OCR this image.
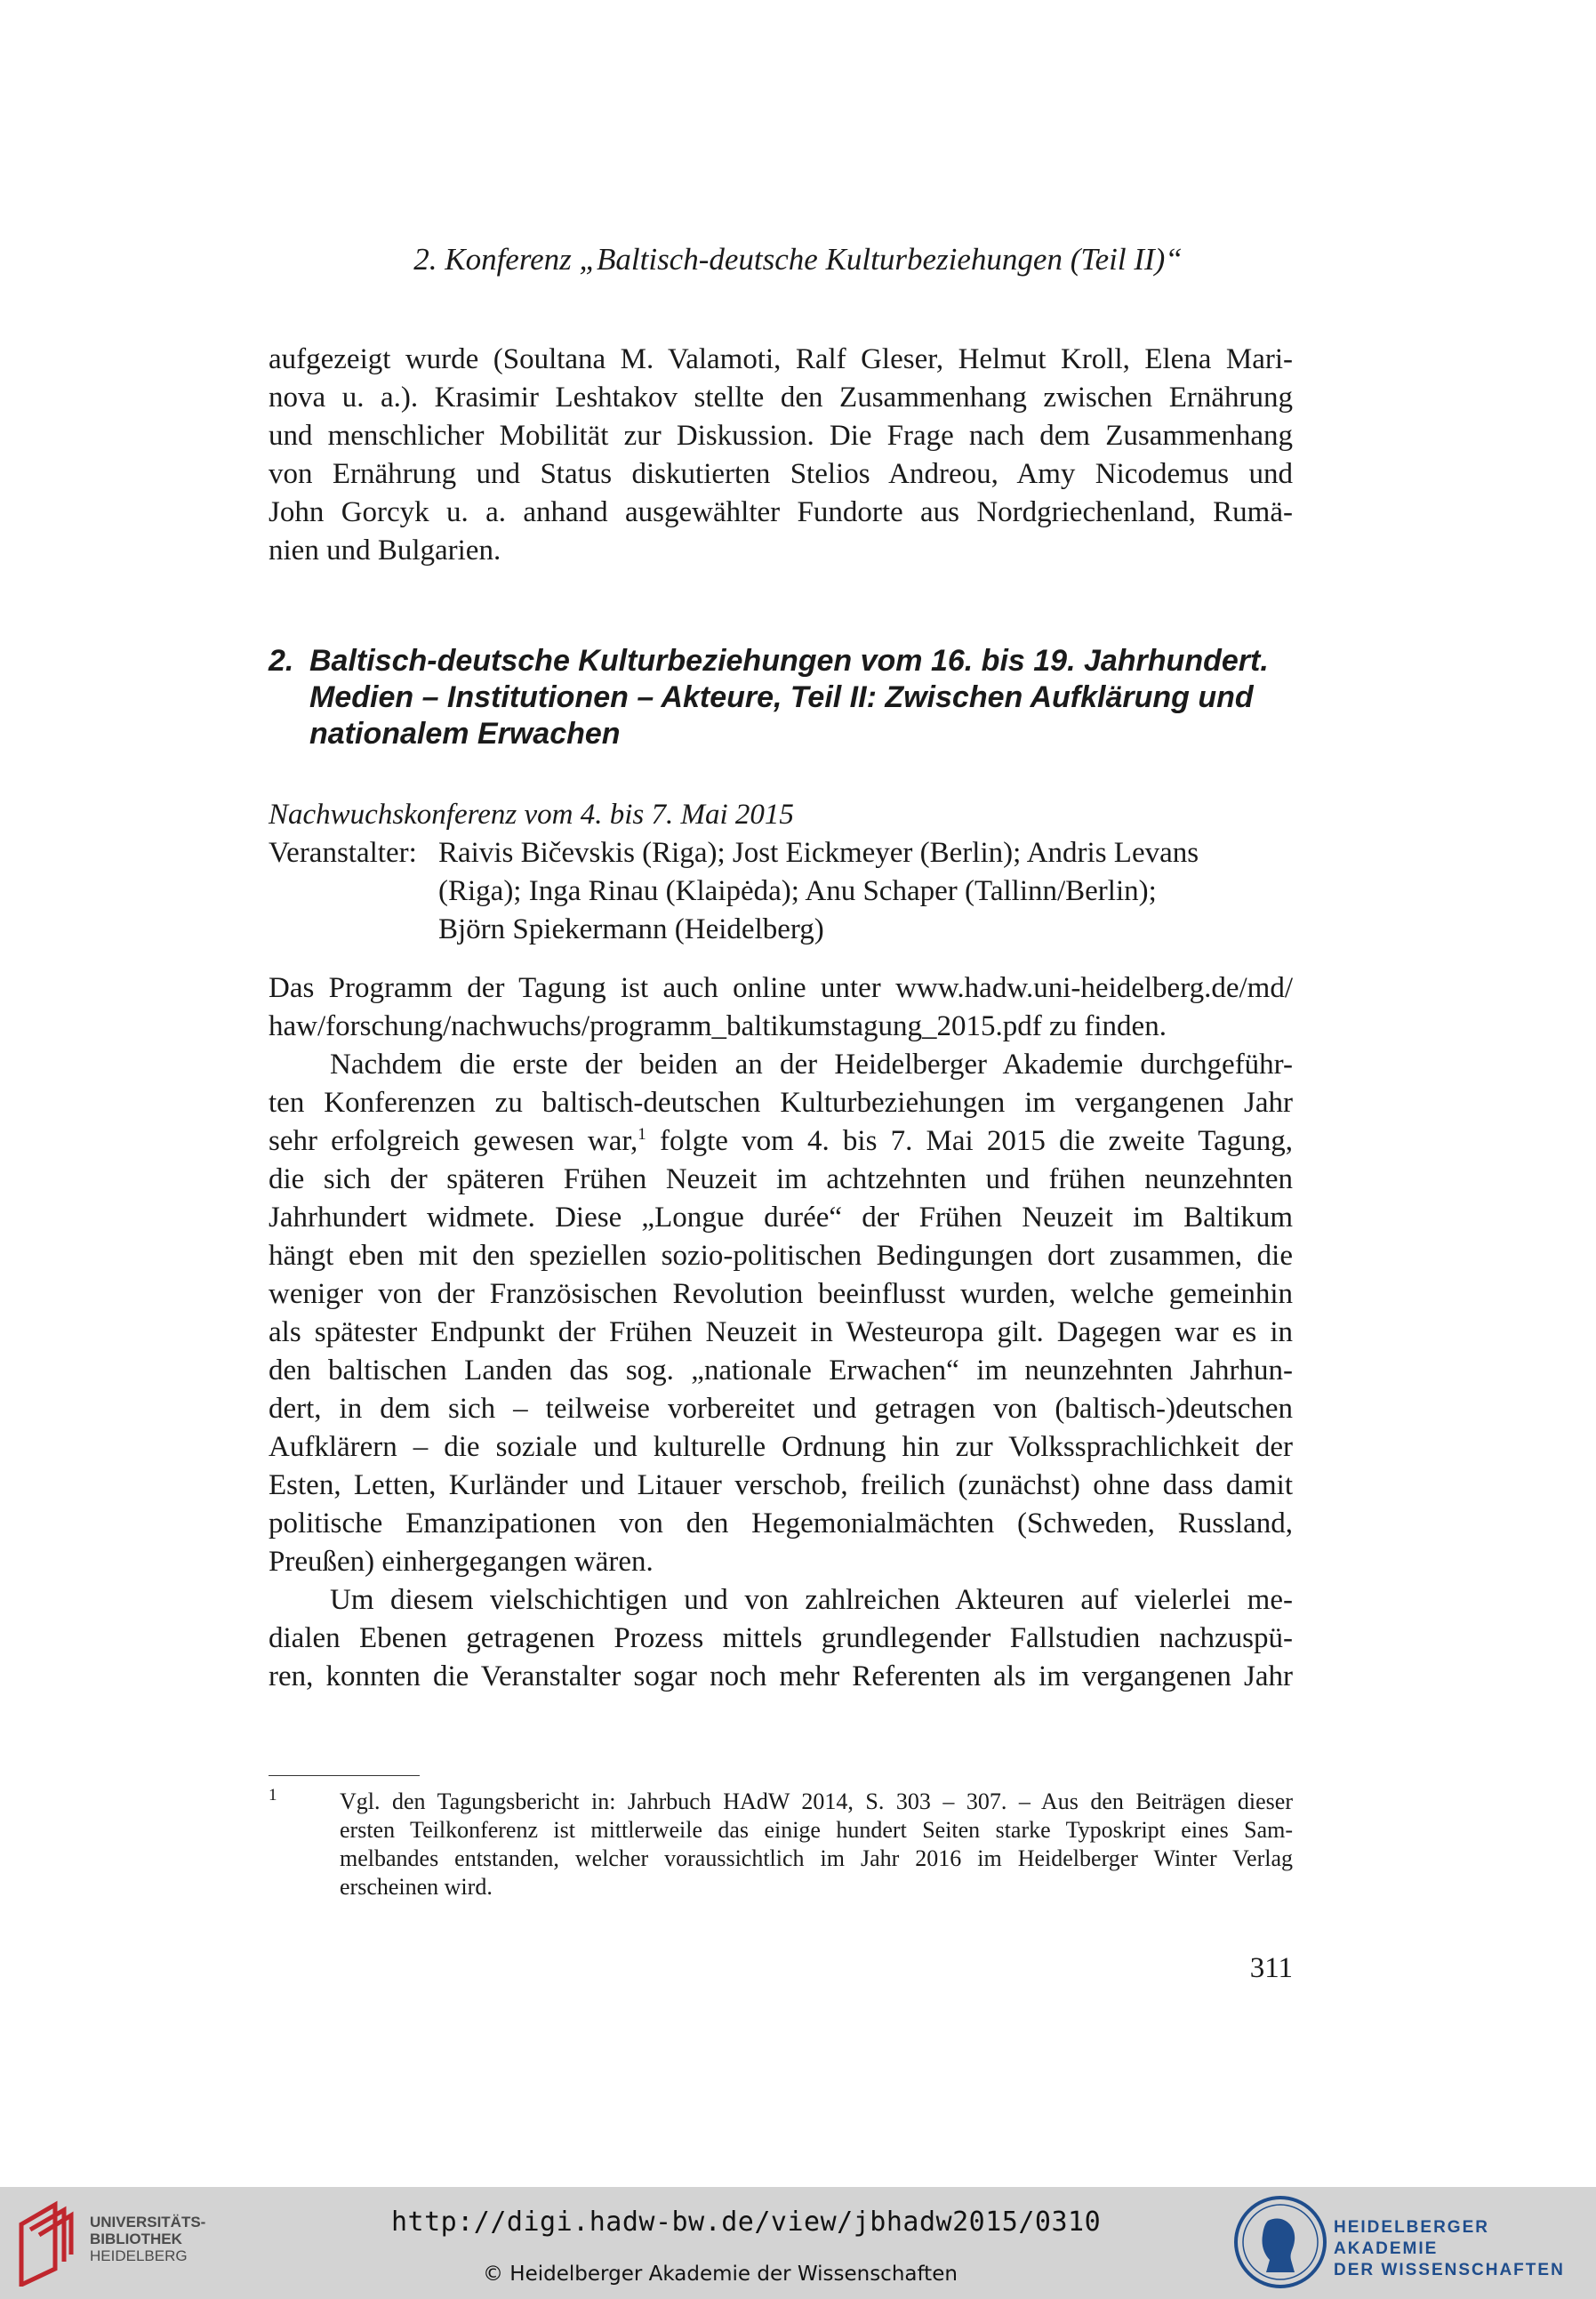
2. Konferenz „Baltisch-deutsche Kulturbeziehungen (Teil II)“
aufgezeigt wurde (Soultana M. Valamoti, Ralf Gleser, Helmut Kroll, Elena Mari-
nova u. a.). Krasimir Leshtakov stellte den Zusammenhang zwischen Ernährung
und menschlicher Mobilität zur Diskussion. Die Frage nach dem Zusammenhang
von Ernährung und Status diskutierten Stelios Andreou, Amy Nicodemus und
John Gorcyk u. a. anhand ausgewählter Fundorte aus Nordgriechenland, Rumä-
nien und Bulgarien.
2. Baltisch-deutsche Kulturbeziehungen vom 16. bis 19. Jahrhundert.
Medien – Institutionen – Akteure, Teil II: Zwischen Aufklärung und
nationalem Erwachen
Nachwuchskonferenz vom 4. bis 7. Mai 2015
Veranstalter: Raivis Bičevskis (Riga); Jost Eickmeyer (Berlin); Andris Levans
(Riga); Inga Rinau (Klaipėda); Anu Schaper (Tallinn/Berlin);
Björn Spiekermann (Heidelberg)
Das Programm der Tagung ist auch online unter www.hadw.uni-heidelberg.de/md/
haw/forschung/nachwuchs/programm_baltikumstagung_2015.pdf zu finden.
Nachdem die erste der beiden an der Heidelberger Akademie durchgeführ-
ten Konferenzen zu baltisch-deutschen Kulturbeziehungen im vergangenen Jahr
sehr erfolgreich gewesen war,$^1$ folgte vom 4. bis 7. Mai 2015 die zweite Tagung,
die sich der späteren Frühen Neuzeit im achtzehnten und frühen neunzehnten
Jahrhundert widmete. Diese „Longue durée“ der Frühen Neuzeit im Baltikum
hängt eben mit den speziellen sozio-politischen Bedingungen dort zusammen, die
weniger von der Französischen Revolution beeinflusst wurden, welche gemeinhin
als spätester Endpunkt der Frühen Neuzeit in Westeuropa gilt. Dagegen war es in
den baltischen Landen das sog. „nationale Erwachen“ im neunzehnten Jahrhun-
dert, in dem sich – teilweise vorbereitet und getragen von (baltisch-)deutschen
Aufklärern – die soziale und kulturelle Ordnung hin zur Volkssprachlichkeit der
Esten, Letten, Kurländer und Litauer verschob, freilich (zunächst) ohne dass damit
politische Emanzipationen von den Hegemonialmächten (Schweden, Russland,
Preußen) einhergegangen wären.
Um diesem vielschichtigen und von zahlreichen Akteuren auf vielerlei me-
dialen Ebenen getragenen Prozess mittels grundlegender Fallstudien nachzuspü-
ren, konnten die Veranstalter sogar noch mehr Referenten als im vergangenen Jahr
1	Vgl. den Tagungsbericht in: Jahrbuch HAdW 2014, S. 303 – 307. – Aus den Beiträgen dieser
ersten Teilkonferenz ist mittlerweile das einige hundert Seiten starke Typoskript eines Sam-
melbandes entstanden, welcher voraussichtlich im Jahr 2016 im Heidelberger Winter Verlag
erscheinen wird.
311
UNIVERSITÄTS-
BIBLIOTHEK
HEIDELBERG
http://digi.hadw-bw.de/view/jbhadw2015/0310
© Heidelberger Akademie der Wissenschaften
HEIDELBERGER AKADEMIE
DER WISSENSCHAFTEN
